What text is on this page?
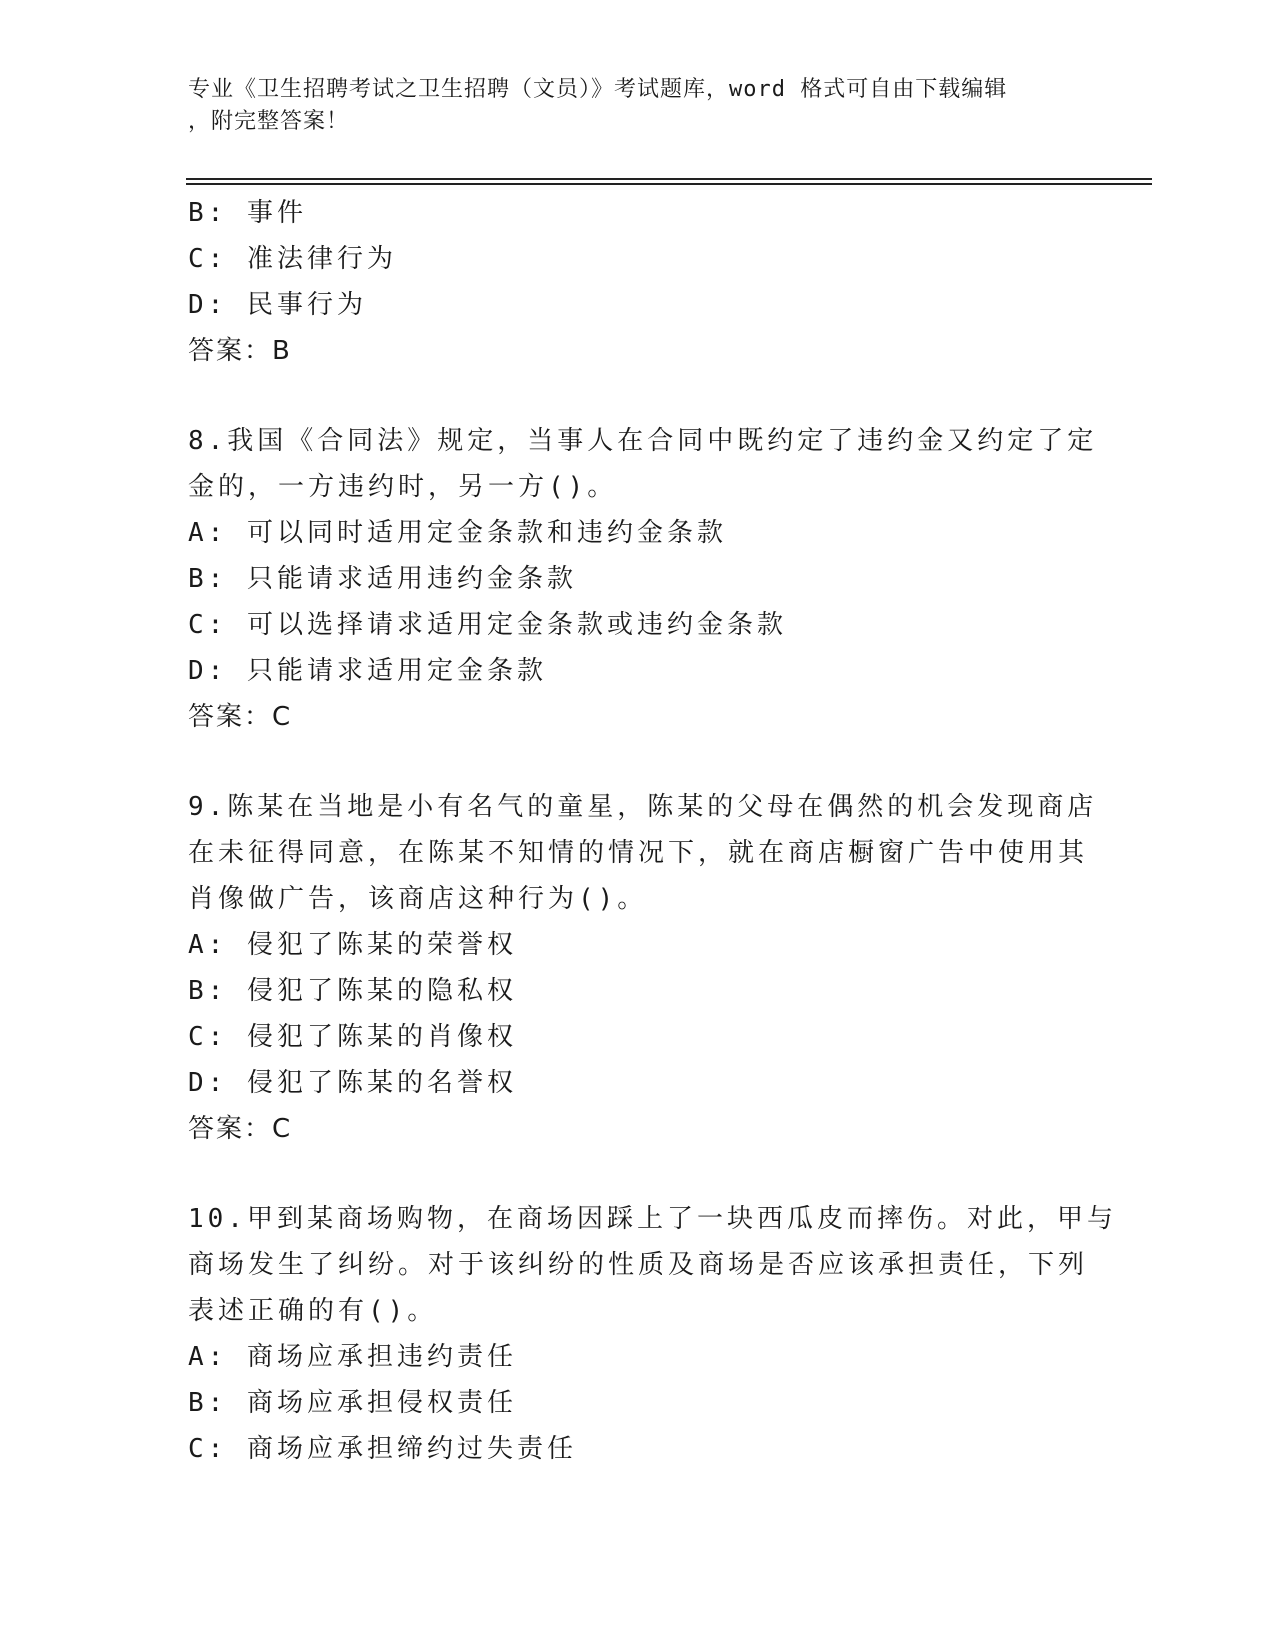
专业《卫生招聘考试之卫生招聘（文员）》考试题库，word 格式可自由下载编辑
，附完整答案！
B: 事件
C: 准法律行为
D: 民事行为
答案：B
8.我国《合同法》规定，当事人在合同中既约定了违约金又约定了定
金的，一方违约时，另一方()。
A: 可以同时适用定金条款和违约金条款
B: 只能请求适用违约金条款
C: 可以选择请求适用定金条款或违约金条款
D: 只能请求适用定金条款
答案：C
9.陈某在当地是小有名气的童星，陈某的父母在偶然的机会发现商店
在未征得同意，在陈某不知情的情况下，就在商店橱窗广告中使用其
肖像做广告，该商店这种行为()。
A: 侵犯了陈某的荣誉权
B: 侵犯了陈某的隐私权
C: 侵犯了陈某的肖像权
D: 侵犯了陈某的名誉权
答案：C
10.甲到某商场购物，在商场因踩上了一块西瓜皮而摔伤。对此，甲与
商场发生了纠纷。对于该纠纷的性质及商场是否应该承担责任，下列
表述正确的有()。
A: 商场应承担违约责任
B: 商场应承担侵权责任
C: 商场应承担缔约过失责任
